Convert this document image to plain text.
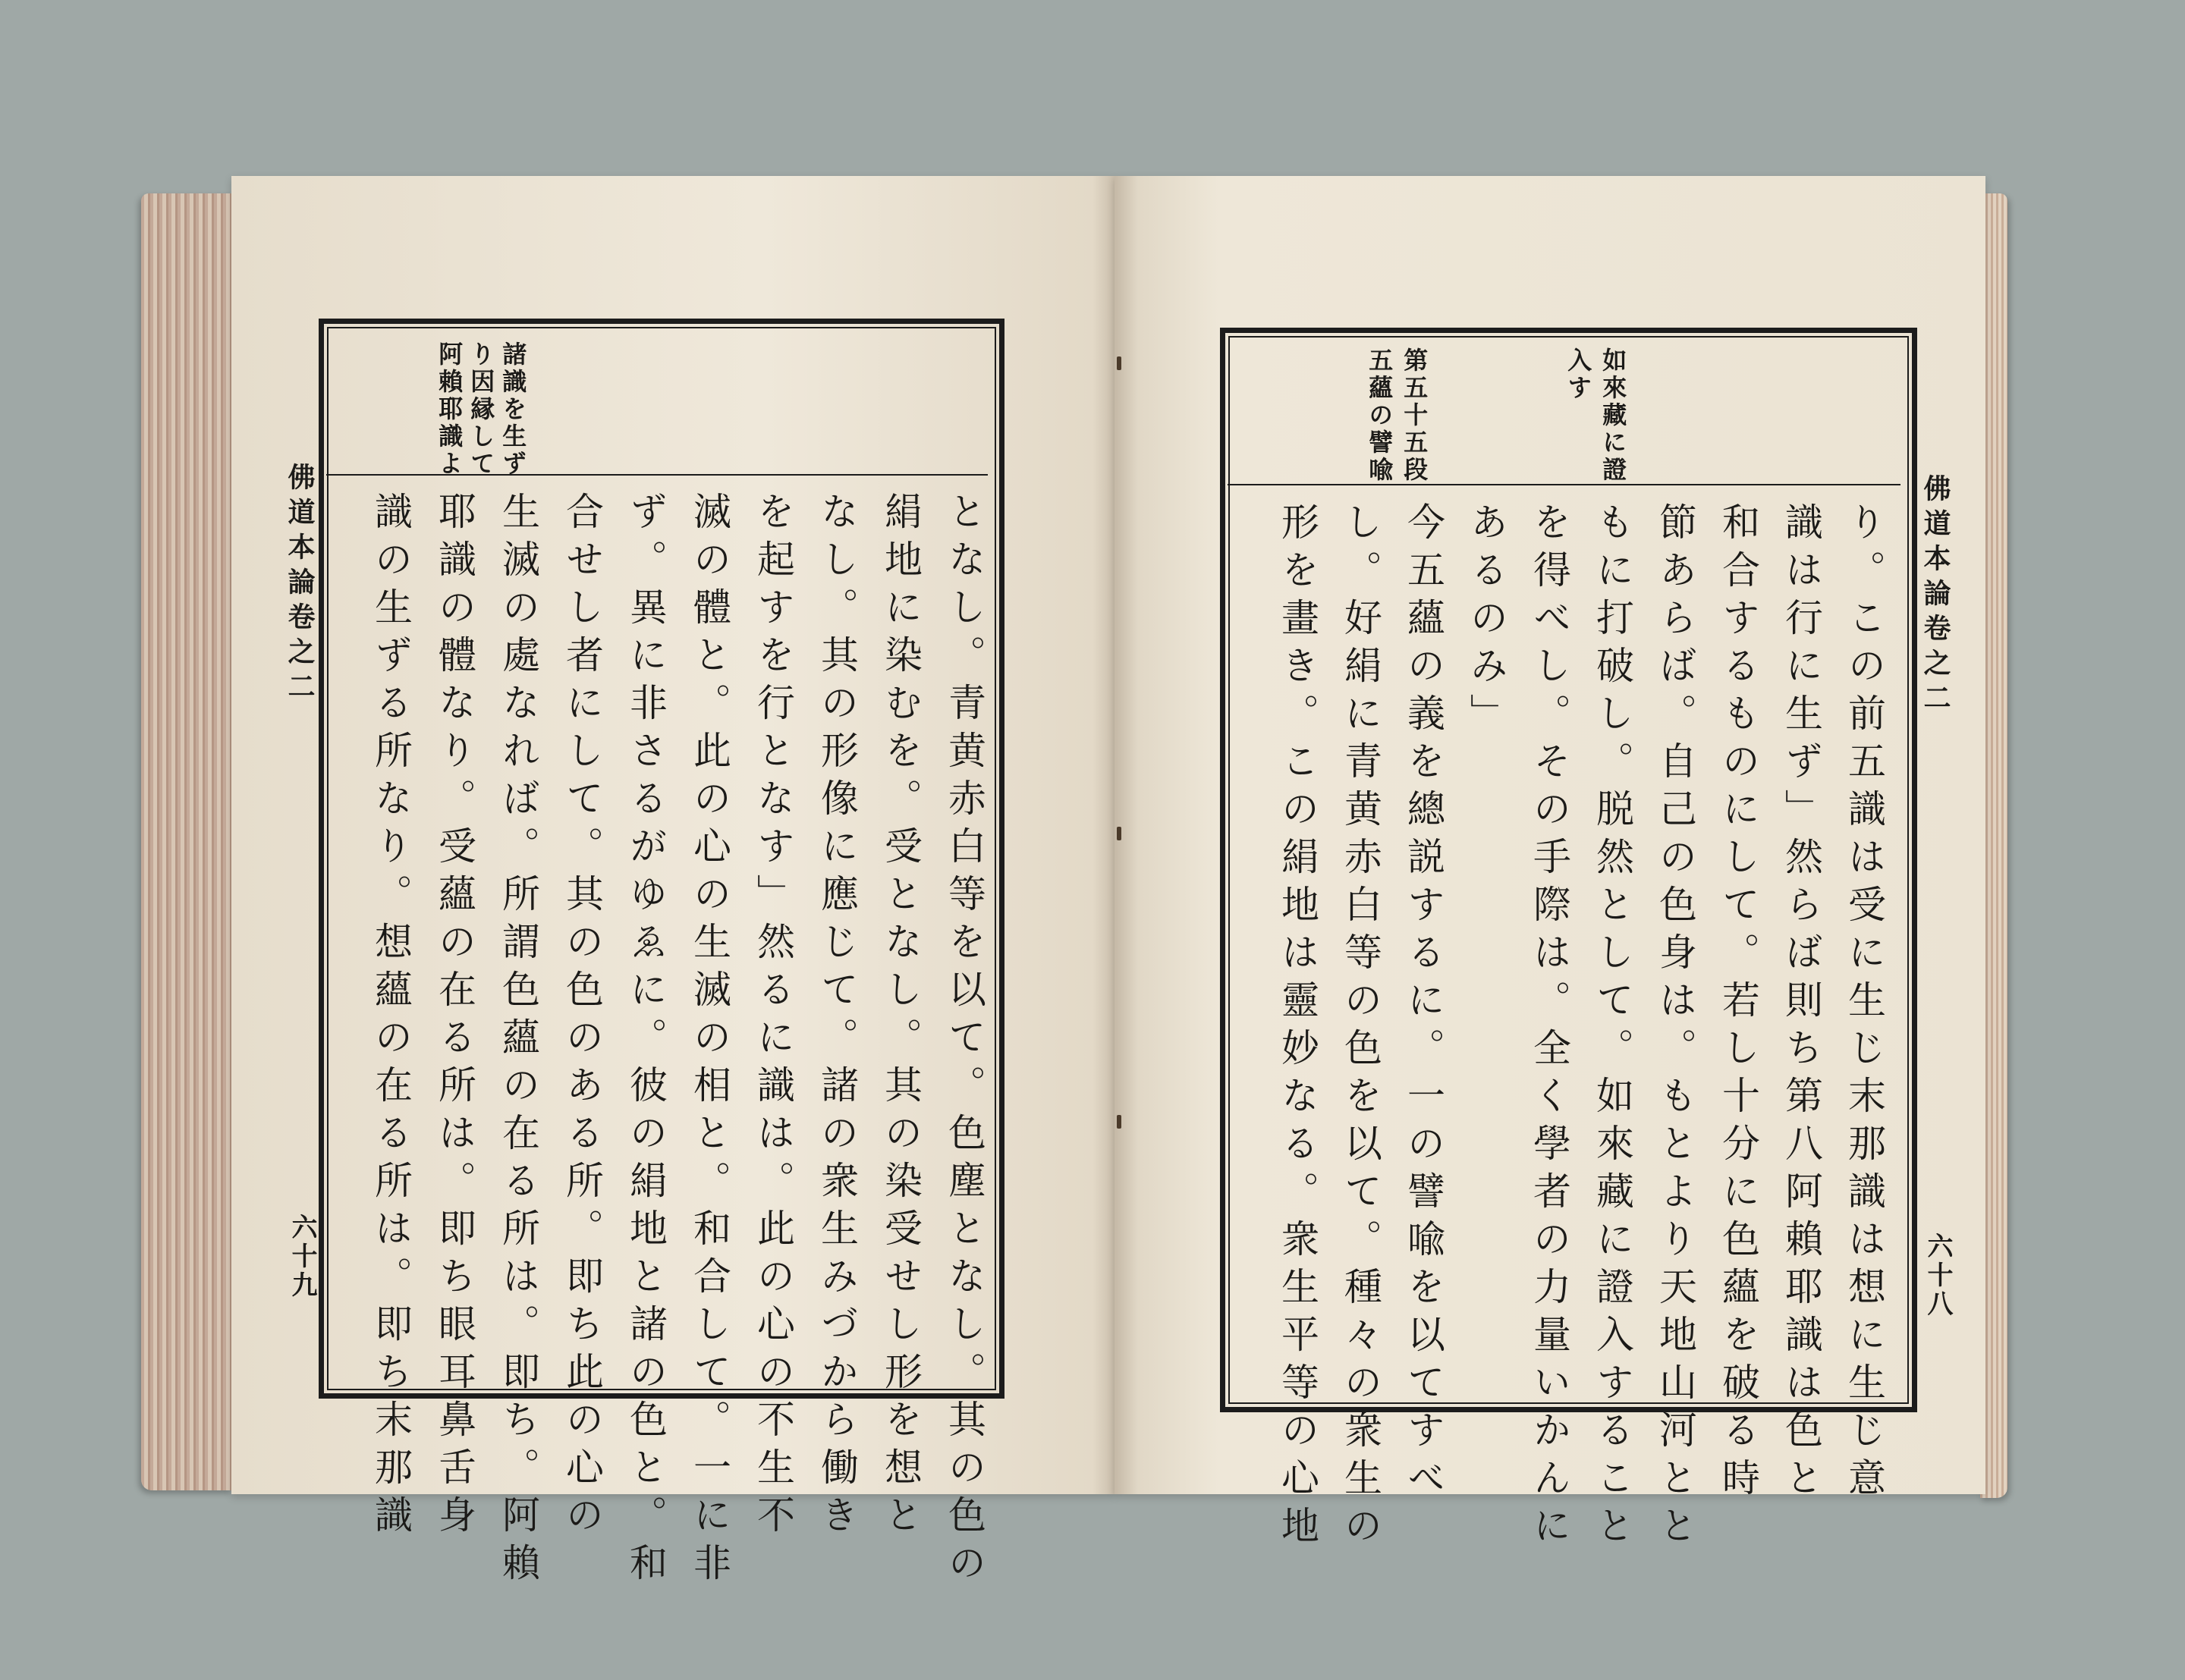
佛道本論卷之二
六十九
阿賴耶識よ り因縁して 諸識を生ず
となし。青黄赤白等を以て。色塵となし。其の色の
絹地に染むを。受となし。其の染受せし形を想と
なし。其の形像に應じて。諸の衆生みづから働き
を起すを行となす」然るに識は。此の心の不生不
滅の體と。此の心の生滅の相と。和合して。一に非
ず。異に非さるがゆゑに。彼の絹地と諸の色と。和
合せし者にして。其の色のある所。即ち此の心の
生滅の處なれば。所謂色蘊の在る所は。即ち。阿賴
耶識の體なり。受蘊の在る所は。即ち眼耳鼻舌身
識の生ずる所なり。想蘊の在る所は。即ち末那識	佛道本論卷之二
六十八
如來藏に證
入す
第五十五段
五蘊の譬喩
り。この前五識は受に生じ末那識は想に生じ意
識は行に生ず」然らば則ち第八阿賴耶識は色と
和合するものにして。若し十分に色蘊を破る時
節あらば。自己の色身は。もとより天地山河とと
もに打破し。脱然として。如來藏に證入すること
を得べし。その手際は。全く學者の力量いかんに
あるのみ」
今五蘊の義を總説するに。一の譬喩を以てすべ
し。好絹に青黄赤白等の色を以て。種々の衆生の
形を畫き。この絹地は靈妙なる。衆生平等の心地
